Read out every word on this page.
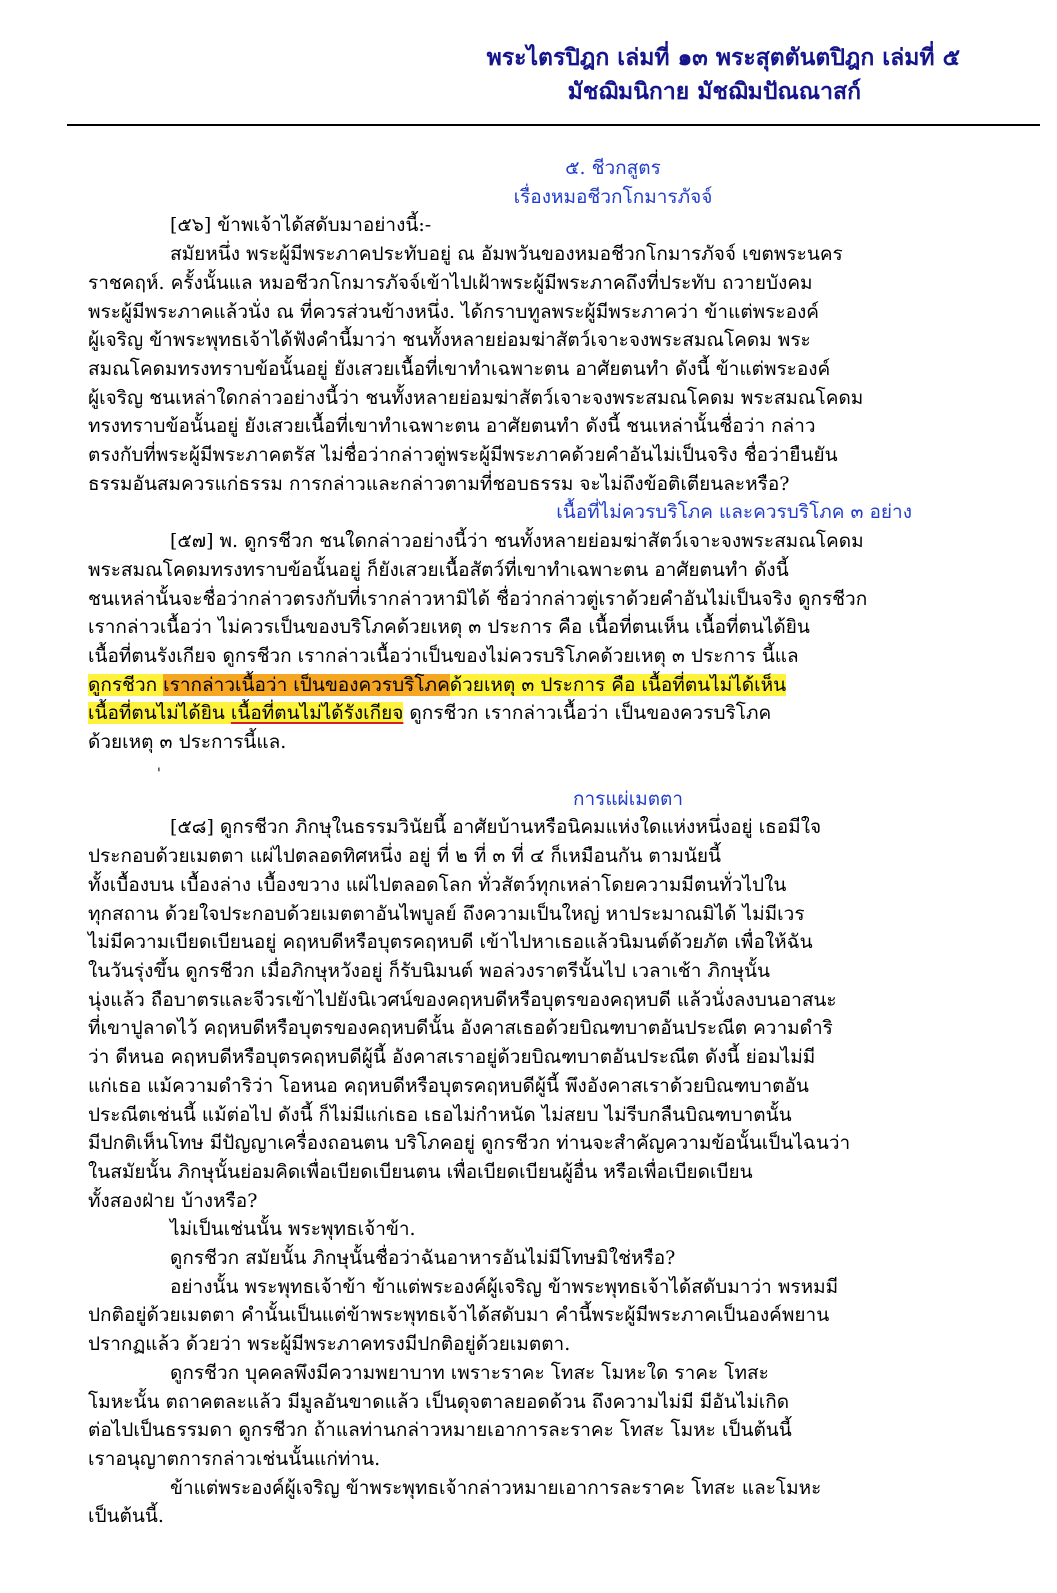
พระไตรปิฎก เล่มที่ ๑๓ พระสุตตันตปิฎก เล่มที่ ๕
มัชฌิมนิกาย มัชฌิมปัณณาสก์
'

๕. ชีวกสูตร

เรื่องหมอชีวกโกมารภัจจ์

[๕๖] ข้าพเจ้าได้สดับมาอย่างนี้:-

สมัยหนึ่ง พระผู้มีพระภาคประทับอยู่ ณ อัมพวันของหมอชีวกโกมารภัจจ์ เขตพระนคร

ราชคฤห์. ครั้งนั้นแล หมอชีวกโกมารภัจจ์เข้าไปเฝ้าพระผู้มีพระภาคถึงที่ประทับ ถวายบังคม

พระผู้มีพระภาคแล้วนั่ง ณ ที่ควรส่วนข้างหนึ่ง. ได้กราบทูลพระผู้มีพระภาคว่า ข้าแต่พระองค์

ผู้เจริญ ข้าพระพุทธเจ้าได้ฟังคำนี้มาว่า ชนทั้งหลายย่อมฆ่าสัตว์เจาะจงพระสมณโคดม พระ

สมณโคดมทรงทราบข้อนั้นอยู่ ยังเสวยเนื้อที่เขาทำเฉพาะตน อาศัยตนทำ ดังนี้ ข้าแต่พระองค์

ผู้เจริญ ชนเหล่าใดกล่าวอย่างนี้ว่า ชนทั้งหลายย่อมฆ่าสัตว์เจาะจงพระสมณโคดม พระสมณโคดม

ทรงทราบข้อนั้นอยู่ ยังเสวยเนื้อที่เขาทำเฉพาะตน อาศัยตนทำ ดังนี้ ชนเหล่านั้นชื่อว่า กล่าว

ตรงกับที่พระผู้มีพระภาคตรัส ไม่ชื่อว่ากล่าวตู่พระผู้มีพระภาคด้วยคำอันไม่เป็นจริง ชื่อว่ายืนยัน

ธรรมอันสมควรแก่ธรรม การกล่าวและกล่าวตามที่ชอบธรรม จะไม่ถึงข้อติเตียนละหรือ?

เนื้อที่ไม่ควรบริโภค และควรบริโภค ๓ อย่าง

[๕๗] พ. ดูกรชีวก ชนใดกล่าวอย่างนี้ว่า ชนทั้งหลายย่อมฆ่าสัตว์เจาะจงพระสมณโคดม

พระสมณโคดมทรงทราบข้อนั้นอยู่ ก็ยังเสวยเนื้อสัตว์ที่เขาทำเฉพาะตน อาศัยตนทำ ดังนี้

ชนเหล่านั้นจะชื่อว่ากล่าวตรงกับที่เรากล่าวหามิได้ ชื่อว่ากล่าวตู่เราด้วยคำอันไม่เป็นจริง ดูกรชีวก

เรากล่าวเนื้อว่า ไม่ควรเป็นของบริโภคด้วยเหตุ ๓ ประการ คือ เนื้อที่ตนเห็น เนื้อที่ตนได้ยิน

เนื้อที่ตนรังเกียจ ดูกรชีวก เรากล่าวเนื้อว่าเป็นของไม่ควรบริโภคด้วยเหตุ ๓ ประการ นี้แล

ดูกรชีวก เรากล่าวเนื้อว่า เป็นของควรบริโภคด้วยเหตุ ๓ ประการ คือ เนื้อที่ตนไม่ได้เห็น

เนื้อที่ตนไม่ได้ยิน เนื้อที่ตนไม่ได้รังเกียจ ดูกรชีวก เรากล่าวเนื้อว่า เป็นของควรบริโภค

ด้วยเหตุ ๓ ประการนี้แล.

การแผ่เมตตา

[๕๘] ดูกรชีวก ภิกษุในธรรมวินัยนี้ อาศัยบ้านหรือนิคมแห่งใดแห่งหนึ่งอยู่ เธอมีใจ

ประกอบด้วยเมตตา แผ่ไปตลอดทิศหนึ่ง อยู่ ที่ ๒ ที่ ๓ ที่ ๔ ก็เหมือนกัน ตามนัยนี้

ทั้งเบื้องบน เบื้องล่าง เบื้องขวาง แผ่ไปตลอดโลก ทั่วสัตว์ทุกเหล่าโดยความมีตนทั่วไปใน

ทุกสถาน ด้วยใจประกอบด้วยเมตตาอันไพบูลย์ ถึงความเป็นใหญ่ หาประมาณมิได้ ไม่มีเวร

ไม่มีความเบียดเบียนอยู่ คฤหบดีหรือบุตรคฤหบดี เข้าไปหาเธอแล้วนิมนต์ด้วยภัต เพื่อให้ฉัน

ในวันรุ่งขึ้น ดูกรชีวก เมื่อภิกษุหวังอยู่ ก็รับนิมนต์ พอล่วงราตรีนั้นไป เวลาเช้า ภิกษุนั้น

นุ่งแล้ว ถือบาตรและจีวรเข้าไปยังนิเวศน์ของคฤหบดีหรือบุตรของคฤหบดี แล้วนั่งลงบนอาสนะ

ที่เขาปูลาดไว้ คฤหบดีหรือบุตรของคฤหบดีนั้น อังคาสเธอด้วยบิณฑบาตอันประณีต ความดำริ

ว่า ดีหนอ คฤหบดีหรือบุตรคฤหบดีผู้นี้ อังคาสเราอยู่ด้วยบิณฑบาตอันประณีต ดังนี้ ย่อมไม่มี

แก่เธอ แม้ความดำริว่า โอหนอ คฤหบดีหรือบุตรคฤหบดีผู้นี้ พึงอังคาสเราด้วยบิณฑบาตอัน

ประณีตเช่นนี้ แม้ต่อไป ดังนี้ ก็ไม่มีแก่เธอ เธอไม่กำหนัด ไม่สยบ ไม่รีบกลืนบิณฑบาตนั้น

มีปกติเห็นโทษ มีปัญญาเครื่องถอนตน บริโภคอยู่ ดูกรชีวก ท่านจะสำคัญความข้อนั้นเป็นไฉนว่า

ในสมัยนั้น ภิกษุนั้นย่อมคิดเพื่อเบียดเบียนตน เพื่อเบียดเบียนผู้อื่น หรือเพื่อเบียดเบียน

ทั้งสองฝ่าย บ้างหรือ?

ไม่เป็นเช่นนั้น พระพุทธเจ้าข้า.

ดูกรชีวก สมัยนั้น ภิกษุนั้นชื่อว่าฉันอาหารอันไม่มีโทษมิใช่หรือ?

อย่างนั้น พระพุทธเจ้าข้า ข้าแต่พระองค์ผู้เจริญ ข้าพระพุทธเจ้าได้สดับมาว่า พรหมมี

ปกติอยู่ด้วยเมตตา คำนั้นเป็นแต่ข้าพระพุทธเจ้าได้สดับมา คำนี้พระผู้มีพระภาคเป็นองค์พยาน

ปรากฏแล้ว ด้วยว่า พระผู้มีพระภาคทรงมีปกติอยู่ด้วยเมตตา.

ดูกรชีวก บุคคลพึงมีความพยาบาท เพราะราคะ โทสะ โมหะใด ราคะ โทสะ

โมหะนั้น ตถาคตละแล้ว มีมูลอันขาดแล้ว เป็นดุจตาลยอดด้วน ถึงความไม่มี มีอันไม่เกิด

ต่อไปเป็นธรรมดา ดูกรชีวก ถ้าแลท่านกล่าวหมายเอาการละราคะ โทสะ โมหะ เป็นต้นนี้

เราอนุญาตการกล่าวเช่นนั้นแก่ท่าน.

ข้าแต่พระองค์ผู้เจริญ ข้าพระพุทธเจ้ากล่าวหมายเอาการละราคะ โทสะ และโมหะ

เป็นต้นนี้.
